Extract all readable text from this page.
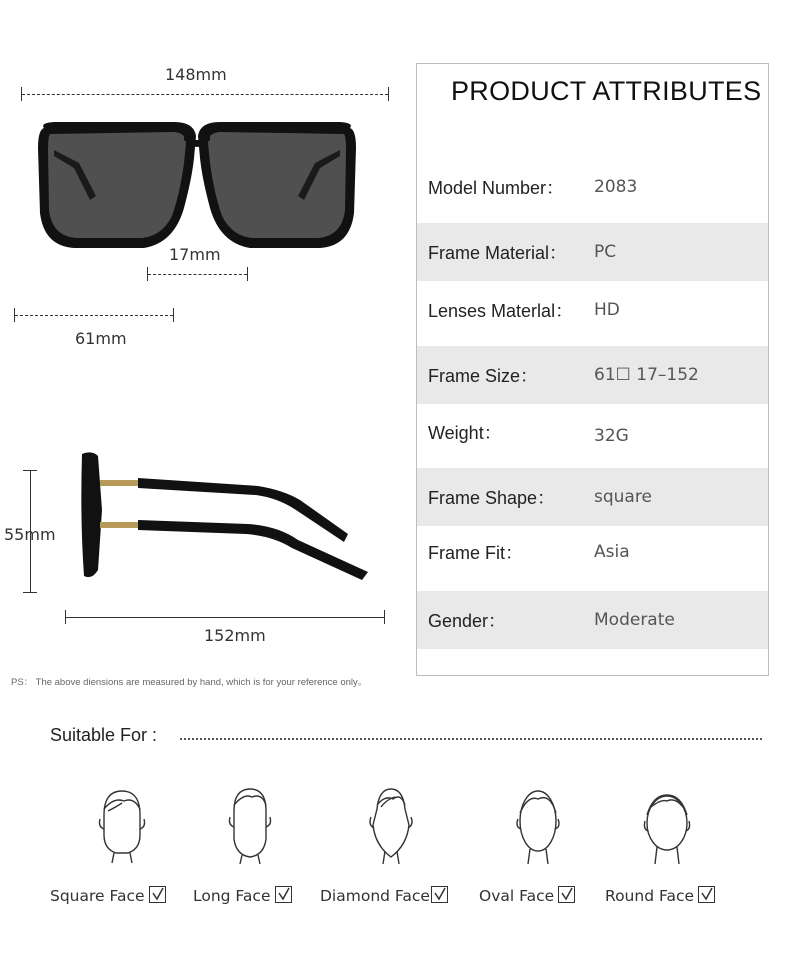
148mm
17mm
61mm
55mm
152mm
PRODUCT ATTRIBUTES
Model Number： 2083
Frame Material： PC
Lenses Materlal： HD
Frame Size：	61☐ 17–152
Weight：	32G
Frame Shape： square
Frame Fit：	Asia
Gender：	Moderate
PS： The above diensions are measured by hand, which is for your reference only。
Suitable For :
Square Face	Long Face	Diamond Face	Oval Face	Round Face
